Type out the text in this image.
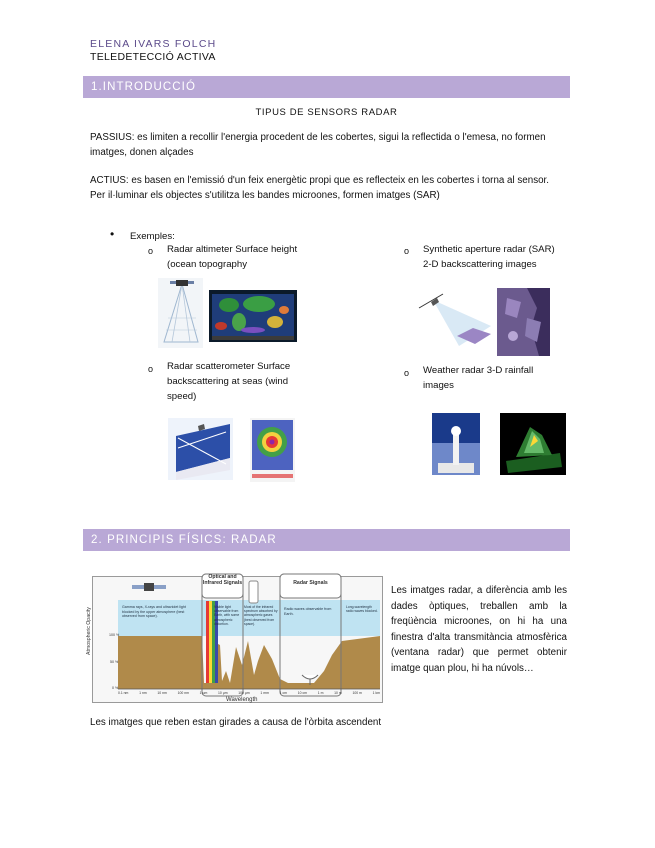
ELENA IVARS FOLCH
TELEDETECCIÓ ACTIVA
1.INTRODUCCIÓ
TIPUS DE SENSORS RADAR
PASSIUS: es limiten a recollir l'energia procedent de les cobertes, sigui la reflectida o l'emesa, no formen imatges, donen alçades
ACTIUS: es basen en l'emissió d'un feix energètic propi que es reflecteix en les cobertes i torna al sensor. Per il·luminar els objectes s'utilitza les bandes microones, formen imatges (SAR)
• Exemples:
o Radar altimeter Surface height (ocean topography
o Synthetic aperture radar (SAR) 2-D backscattering images
o Radar scatterometer Surface backscattering at seas (wind speed)
o Weather radar 3-D rainfall images
2. PRINCIPIS FÍSICS: RADAR
Optical and Infrared Signals	Radar Signals
Gamma rays, X-rays and ultraviolet light blocked by the upper atmosphere (best observed from space).
Visible light observable from Earth, with some atmospheric distortion.
Most of the infrared spectrum absorbed by atmospheric gases (best observed from space).
Radio waves observable from Earth.
Long-wavelength radio waves blocked.
Atmospheric Opacity	100 %
50 %
0 %
0.1 nm	1 nm	10 nm	100 nm	1 µm	10 µm	100 µm	1 mm	1 cm	10 cm	1 m	10 m	100 m	1 km
Wavelength
Les imatges radar, a diferència amb les dades òptiques, treballen amb la freqüència microones, on hi ha una finestra d'alta transmitància atmosfèrica (ventana radar) que permet obtenir imatge quan plou, hi ha núvols…
Les imatges que reben estan girades a causa de l'òrbita ascendent
